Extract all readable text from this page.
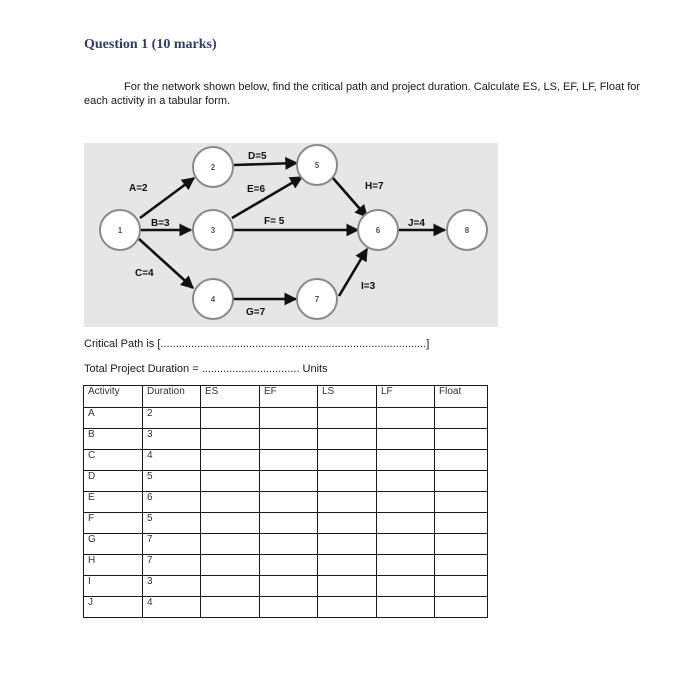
Question 1 (10 marks)
For the network shown below, find the critical path and project duration. Calculate ES, LS, EF, LF, Float for each activity in a tabular form.
1
2
3
4
5
6
7
8
A=2
B=3
C=4
D=5
E=6
F= 5
G=7
H=7
I=3
J=4
Critical Path is [.......................................................................................]
Total Project Duration = ................................ Units
Activity	Duration	ES	EF	LS	LF	Float
A	2					
B	3					
C	4					
D	5					
E	6					
F	5					
G	7					
H	7					
I	3					
J	4					
